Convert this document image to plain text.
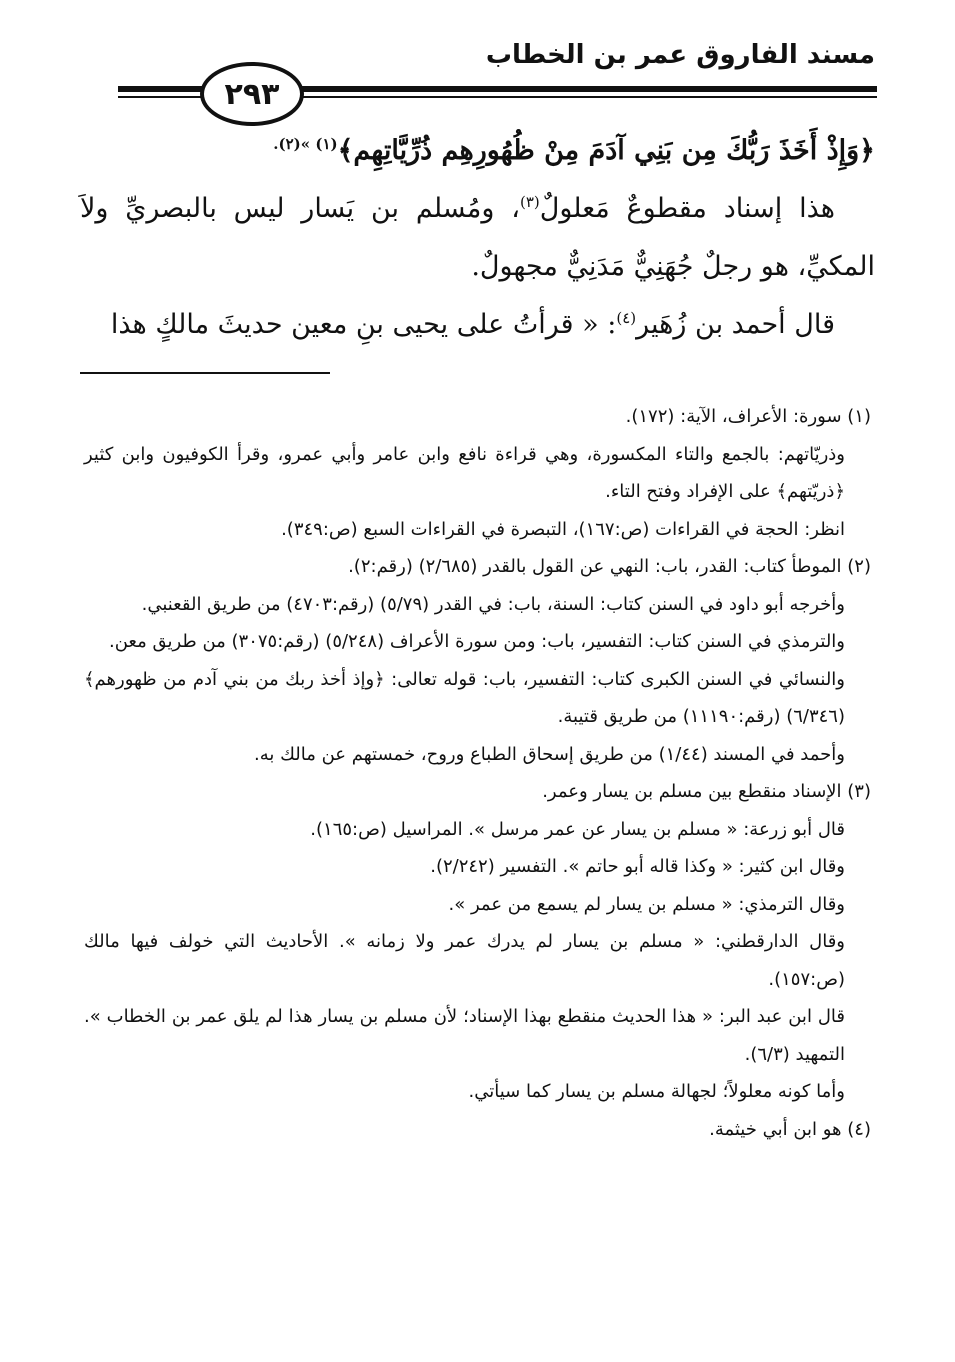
مسند الفاروق عمر بن الخطاب
٢٩٣

﴿وَإِذْ أَخَذَ رَبُّكَ مِن بَنِي آدَمَ مِنْ ظُهُورِهِم ذُرِّيَّاتِهِم﴾$^{(١) »(٢).}$

هذا إسناد مقطوعٌ مَعلولٌ$^{(٣)}$، ومُسلم بن يَسار ليس بالبصريِّ ولاَ المكيِّ، هو رجلٌ جُهَنِيٌّ مَدَنِيٌّ مجهولٌ.

قال أحمد بن زُهَير$^{(٤)}$: « قرأتُ على يحيى بنِ معين حديثَ مالكٍ هذا

(١) سورة: الأعراف، الآية: (١٧٢).

وذريّاتهم: بالجمع والتاء المكسورة، وهي قراءة نافع وابن عامر وأبي عمرو، وقرأ الكوفيون وابن كثير ﴿ذريّتهم﴾ على الإفراد وفتح التاء.

انظر: الحجة في القراءات (ص:١٦٧)، التبصرة في القراءات السبع (ص:٣٤٩).

(٢) الموطأ كتاب: القدر، باب: النهي عن القول بالقدر (٢/٦٨٥) (رقم:٢).

وأخرجه أبو داود في السنن كتاب: السنة، باب: في القدر (٥/٧٩) (رقم:٤٧٠٣) من طريق القعنبي.

والترمذي في السنن كتاب: التفسير، باب: ومن سورة الأعراف (٥/٢٤٨) (رقم:٣٠٧٥) من طريق معن.

والنسائي في السنن الكبرى كتاب: التفسير، باب: قوله تعالى: ﴿وإذ أخذ ربك من بني آدم من ظهورهم﴾ (٦/٣٤٦) (رقم:١١١٩٠) من طريق قتيبة.

وأحمد في المسند (١/٤٤) من طريق إسحاق الطباع وروح، خمستهم عن مالك به.

(٣) الإسناد منقطع بين مسلم بن يسار وعمر.

قال أبو زرعة: « مسلم بن يسار عن عمر مرسل ». المراسيل (ص:١٦٥).

وقال ابن كثير: « وكذا قاله أبو حاتم ». التفسير (٢/٢٤٢).

وقال الترمذي: « مسلم بن يسار لم يسمع من عمر ».

وقال الدارقطني: « مسلم بن يسار لم يدرك عمر ولا زمانه ». الأحاديث التي خولف فيها مالك (ص:١٥٧).

قال ابن عبد البر: « هذا الحديث منقطع بهذا الإسناد؛ لأن مسلم بن يسار هذا لم يلق عمر بن الخطاب ». التمهيد (٦/٣).

وأما كونه معلولاً؛ لجهالة مسلم بن يسار كما سيأتي.

(٤) هو ابن أبي خيثمة.
